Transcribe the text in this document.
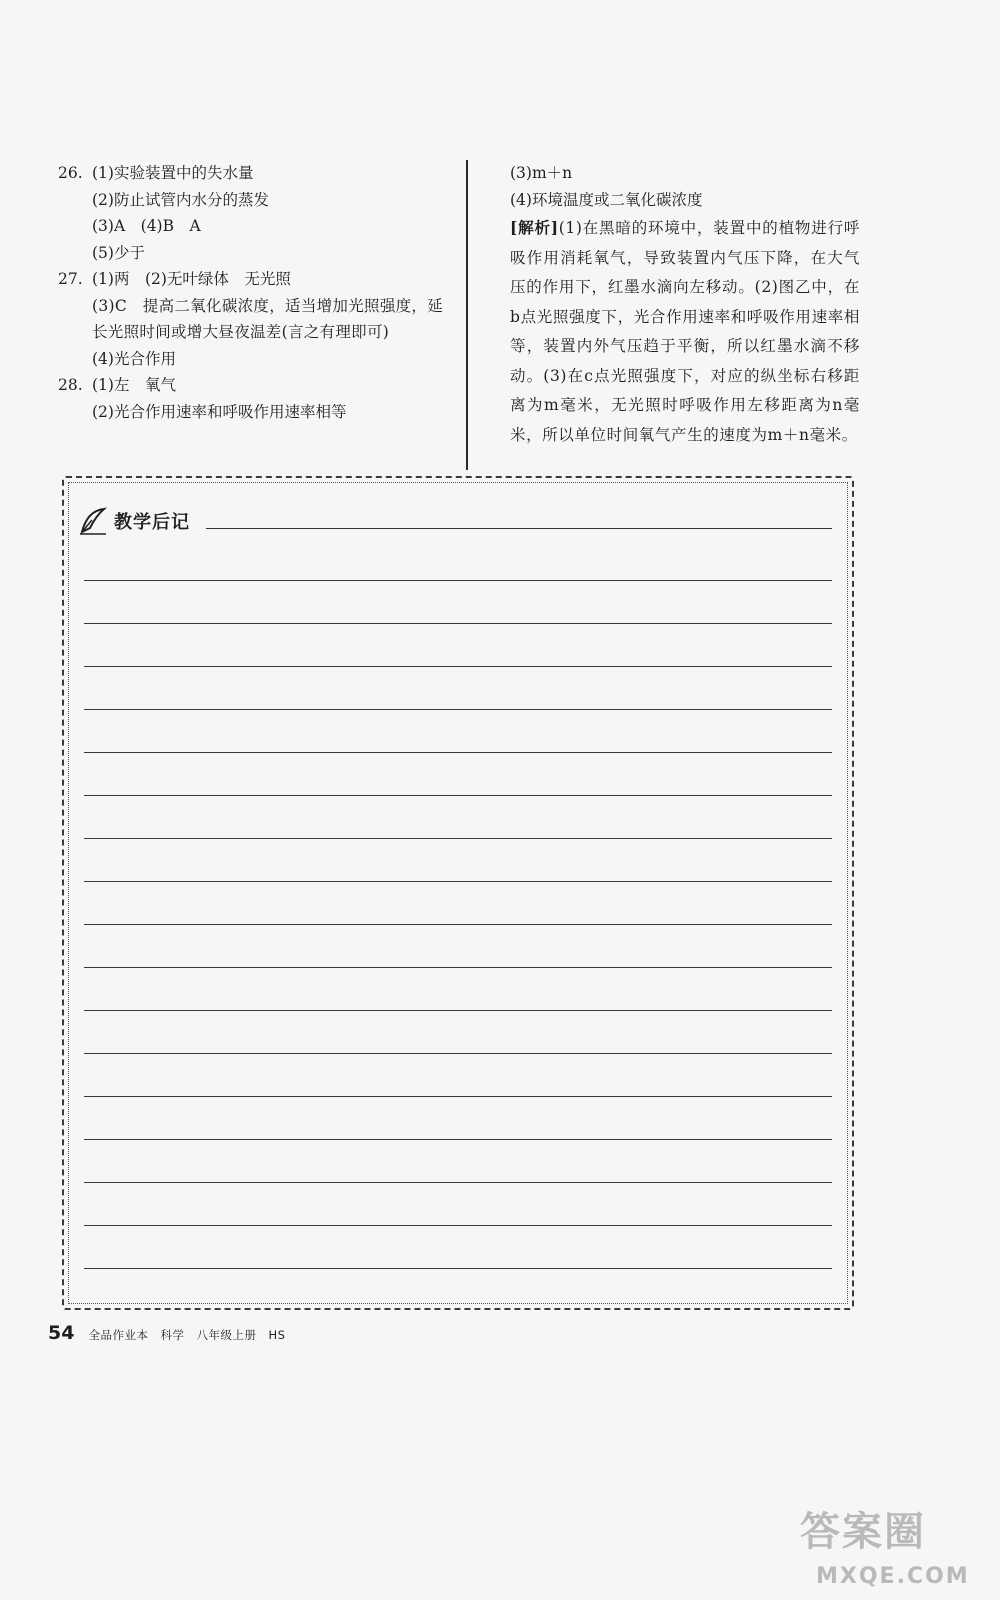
26. (1)实验装置中的失水量
(2)防止试管内水分的蒸发
(3)A　(4)B　A
(5)少于
27. (1)两　(2)无叶绿体　无光照
(3)C　提高二氧化碳浓度，适当增加光照强度，延长光照时间或增大昼夜温差(言之有理即可)
(4)光合作用
28. (1)左　氧气
(2)光合作用速率和呼吸作用速率相等
(3)m＋n
(4)环境温度或二氧化碳浓度
[解析](1)在黑暗的环境中，装置中的植物进行呼吸作用消耗氧气，导致装置内气压下降，在大气压的作用下，红墨水滴向左移动。(2)图乙中，在b点光照强度下，光合作用速率和呼吸作用速率相等，装置内外气压趋于平衡，所以红墨水滴不移动。(3)在c点光照强度下，对应的纵坐标右移距离为m毫米，无光照时呼吸作用左移距离为n毫米，所以单位时间氧气产生的速度为m＋n毫米。
教学后记
54 全品作业本　科学　八年级上册　HS
答案圈
MXQE.COM
